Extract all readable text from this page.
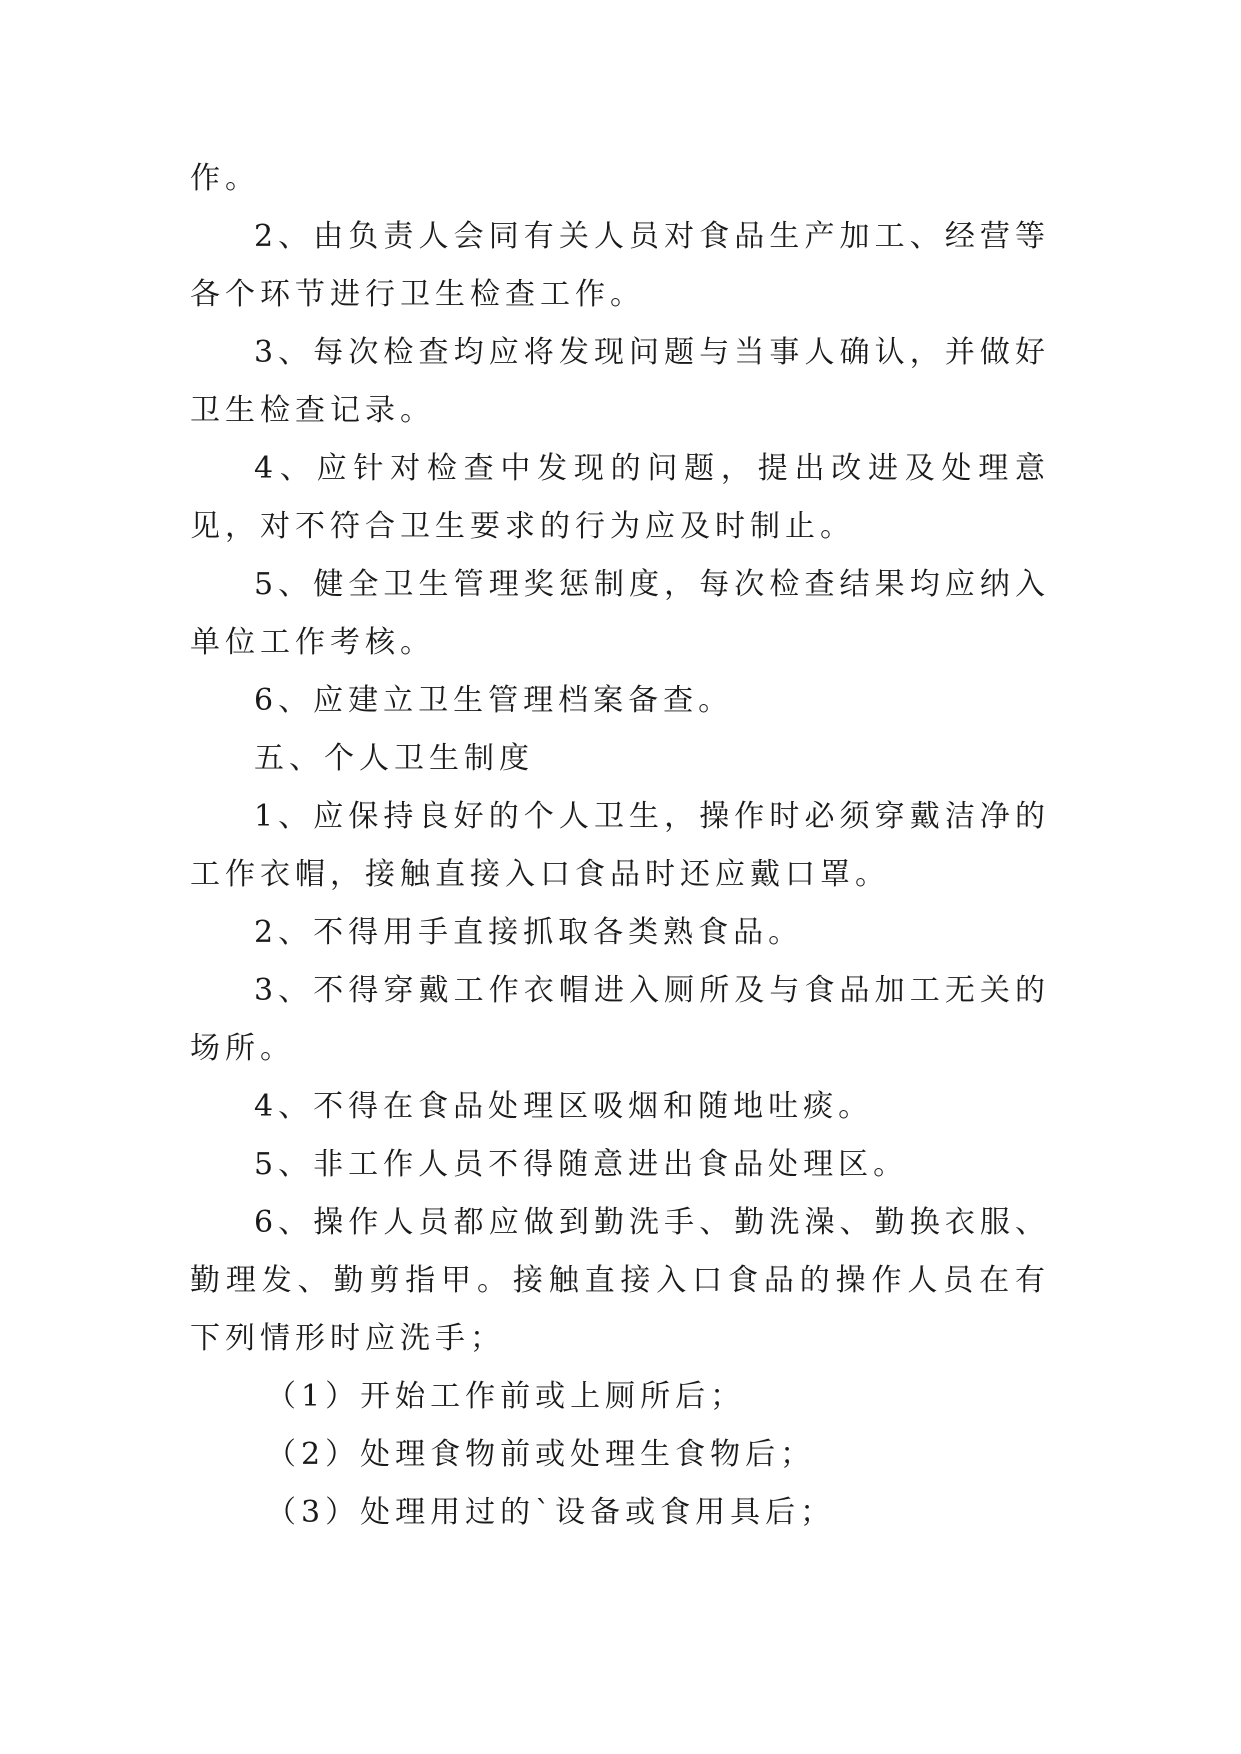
作。

2、由负责人会同有关人员对食品生产加工、经营等各个环节进行卫生检查工作。

3、每次检查均应将发现问题与当事人确认，并做好卫生检查记录。

4、应针对检查中发现的问题，提出改进及处理意见，对不符合卫生要求的行为应及时制止。

5、健全卫生管理奖惩制度，每次检查结果均应纳入单位工作考核。

6、应建立卫生管理档案备查。

五、个人卫生制度

1、应保持良好的个人卫生，操作时必须穿戴洁净的工作衣帽，接触直接入口食品时还应戴口罩。

2、不得用手直接抓取各类熟食品。

3、不得穿戴工作衣帽进入厕所及与食品加工无关的场所。

4、不得在食品处理区吸烟和随地吐痰。

5、非工作人员不得随意进出食品处理区。

6、操作人员都应做到勤洗手、勤洗澡、勤换衣服、勤理发、勤剪指甲。接触直接入口食品的操作人员在有下列情形时应洗手；

（1）开始工作前或上厕所后；

（2）处理食物前或处理生食物后；

（3）处理用过的`设备或食用具后；
